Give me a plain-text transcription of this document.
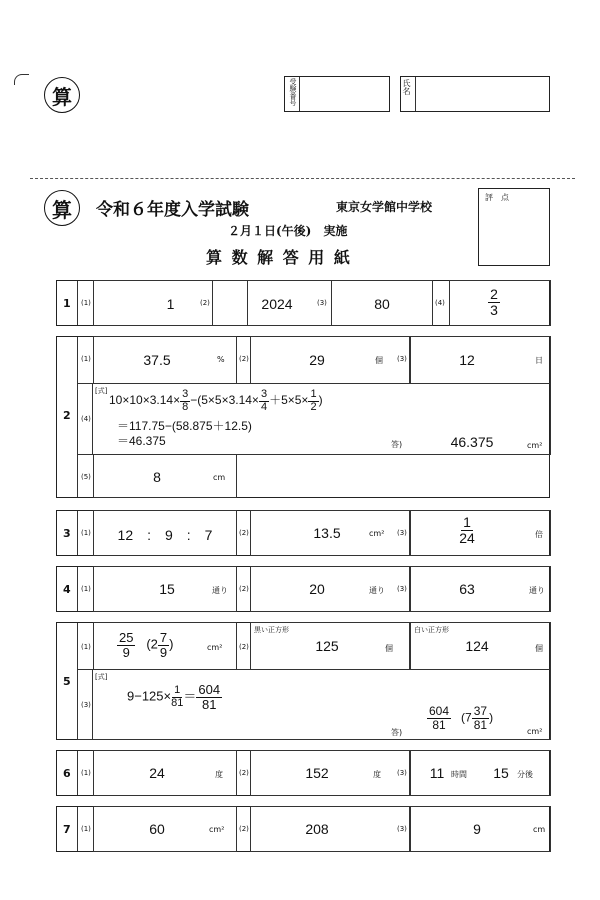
算	受験番号	氏名
算	令和６年度入学試験	東京女学館中学校
２月１日(午後)　実施
算 数 解 答 用 紙
評　点
1 (1)	1	(2)	2024	(3)	80	(4)	$\frac{2}{3}$
2
(1)	37.5	% (2)	29	個 (3)	12	日
(4)
[式]
$10\times 10\times 3.14\times \frac{3}{8} -(5\times 5\times 3.14\times \frac{3}{4} +5\times 5\times \frac{1}{2}$ )
＝117.75−(58.875＋12.5)
＝46.375	答)	46.375	cm²
(5)	8	cm
3 (1)	12　:　9　:　7	(2)	13.5	cm² (3)	$\frac{1}{24}$	倍
4 (1)	15	通り (2)	20	通り (3)	63	通り
5
$(1) \frac{25}{9} (2 \frac{7}{9}$ )	cm² (2)
黒い正方形
125	個
白い正方形
124	個
(3)
[式]
$9-125\times \frac{1}{81} = \frac{604}{81}$
答)
$\frac{604}{81} (7 \frac{37}{81}$ )
cm²
6 (1)	24	度 (2)	152	度 (3)	11 時間	15	分後
7 (1)	60	cm² (2)	208	(3)	9	cm
